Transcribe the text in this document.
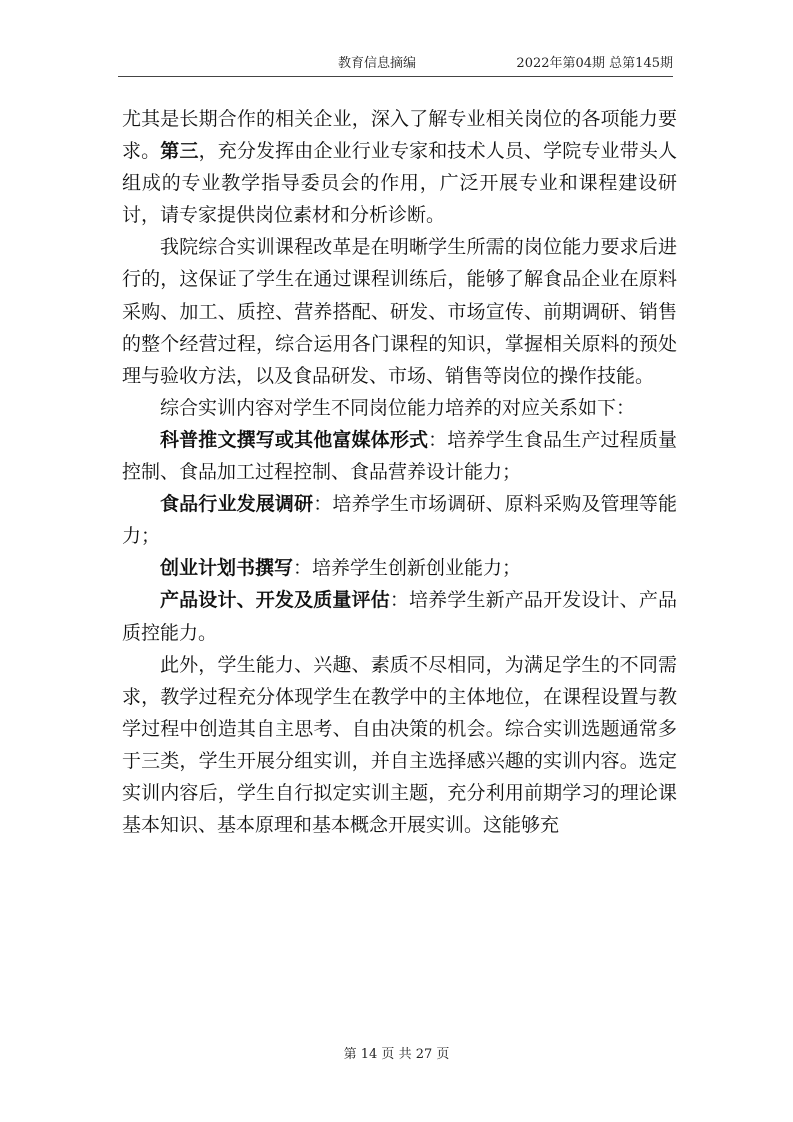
教育信息摘编	2022年第04期 总第145期

尤其是长期合作的相关企业，深入了解专业相关岗位的各项能力要求。第三，充分发挥由企业行业专家和技术人员、学院专业带头人组成的专业教学指导委员会的作用，广泛开展专业和课程建设研讨，请专家提供岗位素材和分析诊断。

我院综合实训课程改革是在明晰学生所需的岗位能力要求后进行的，这保证了学生在通过课程训练后，能够了解食品企业在原料采购、加工、质控、营养搭配、研发、市场宣传、前期调研、销售的整个经营过程，综合运用各门课程的知识，掌握相关原料的预处理与验收方法，以及食品研发、市场、销售等岗位的操作技能。

综合实训内容对学生不同岗位能力培养的对应关系如下：

科普推文撰写或其他富媒体形式：培养学生食品生产过程质量控制、食品加工过程控制、食品营养设计能力；

食品行业发展调研：培养学生市场调研、原料采购及管理等能力；

创业计划书撰写：培养学生创新创业能力；

产品设计、开发及质量评估：培养学生新产品开发设计、产品质控能力。

此外，学生能力、兴趣、素质不尽相同，为满足学生的不同需求，教学过程充分体现学生在教学中的主体地位，在课程设置与教学过程中创造其自主思考、自由决策的机会。综合实训选题通常多于三类，学生开展分组实训，并自主选择感兴趣的实训内容。选定实训内容后，学生自行拟定实训主题，充分利用前期学习的理论课基本知识、基本原理和基本概念开展实训。这能够充

第 14 页 共 27 页
